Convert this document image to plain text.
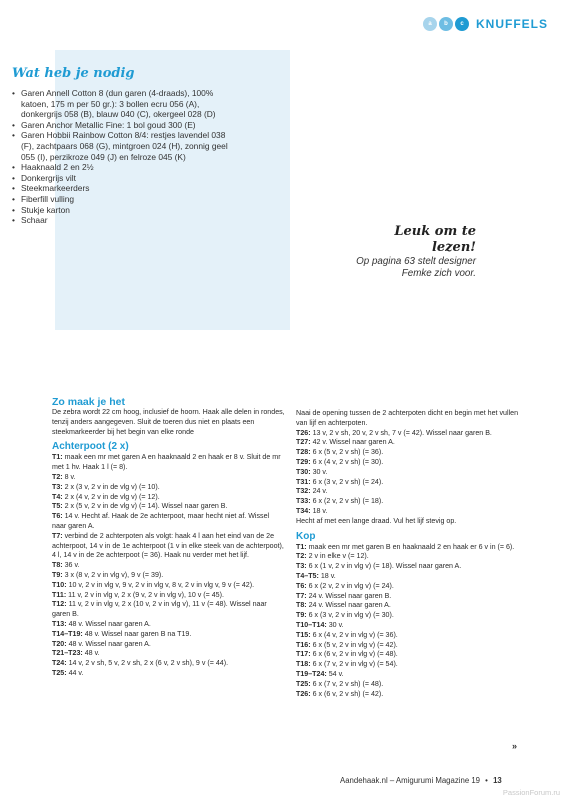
a	b	c	KNUFFELS
Wat heb je nodig
• Garen Annell Cotton 8 (dun garen (4-draads), 100% katoen, 175 m per 50 gr.): 3 bollen ecru 056 (A), donkergrijs 058 (B), blauw 040 (C), okergeel 028 (D)
• Garen Anchor Metallic Fine: 1 bol goud 300 (E)
• Garen Hobbii Rainbow Cotton 8/4: restjes lavendel 038 (F), zachtpaars 068 (G), mintgroen 024 (H), zonnig geel 055 (I), perzikroze 049 (J) en felroze 045 (K)
• Haaknaald 2 en 2½
• Donkergrijs vilt
• Steekmarkeerders
• Fiberfill vulling
• Stukje karton
• Schaar
Leuk om te lezen!
Op pagina 63 stelt designer Femke zich voor.
Zo maak je het

De zebra wordt 22 cm hoog, inclusief de hoorn. Haak alle delen in rondes, tenzij anders aangegeven. Sluit de toeren dus niet en plaats een steekmarkeerder bij het begin van elke ronde

Achterpoot (2 x)

T1: maak een mr met garen A en haaknaald 2 en haak er 8 v. Sluit de mr met 1 hv. Haak 1 l (= 8).

T2: 8 v.

T3: 2 x (3 v, 2 v in de vlg v) (= 10).

T4: 2 x (4 v, 2 v in de vlg v) (= 12).

T5: 2 x (5 v, 2 v in de vlg v) (= 14). Wissel naar garen B.

T6: 14 v. Hecht af. Haak de 2e achterpoot, maar hecht niet af. Wissel naar garen A.

T7: verbind de 2 achterpoten als volgt: haak 4 l aan het eind van de 2e achterpoot, 14 v in de 1e achterpoot (1 v in elke steek van de achterpoot), 4 l, 14 v in de 2e achterpoot (= 36). Haak nu verder met het lijf.

T8: 36 v.

T9: 3 x (8 v, 2 v in vlg v), 9 v (= 39).

T10: 10 v, 2 v in vlg v, 9 v, 2 v in vlg v, 8 v, 2 v in vlg v, 9 v (= 42).

T11: 11 v, 2 v in vlg v, 2 x (9 v, 2 v in vlg v), 10 v (= 45).

T12: 11 v, 2 v in vlg v, 2 x (10 v, 2 v in vlg v), 11 v (= 48). Wissel naar garen B.

T13: 48 v. Wissel naar garen A.

T14–T19: 48 v. Wissel naar garen B na T19.

T20: 48 v. Wissel naar garen A.

T21–T23: 48 v.

T24: 14 v, 2 v sh, 5 v, 2 v sh, 2 x (6 v, 2 v sh), 9 v (= 44).

T25: 44 v.

Naai de opening tussen de 2 achterpoten dicht en begin met het vullen van lijf en achterpoten.

T26: 13 v, 2 v sh, 20 v, 2 v sh, 7 v (= 42). Wissel naar garen B.

T27: 42 v. Wissel naar garen A.

T28: 6 x (5 v, 2 v sh) (= 36).

T29: 6 x (4 v, 2 v sh) (= 30).

T30: 30 v.

T31: 6 x (3 v, 2 v sh) (= 24).

T32: 24 v.

T33: 6 x (2 v, 2 v sh) (= 18).

T34: 18 v.

Hecht af met een lange draad. Vul het lijf stevig op.

Kop

T1: maak een mr met garen B en haaknaald 2 en haak er 6 v in (= 6).

T2: 2 v in elke v (= 12).

T3: 6 x (1 v, 2 v in vlg v) (= 18). Wissel naar garen A.

T4–T5: 18 v.

T6: 6 x (2 v, 2 v in vlg v) (= 24).

T7: 24 v. Wissel naar garen B.

T8: 24 v. Wissel naar garen A.

T9: 6 x (3 v, 2 v in vlg v) (= 30).

T10–T14: 30 v.

T15: 6 x (4 v, 2 v in vlg v) (= 36).

T16: 6 x (5 v, 2 v in vlg v) (= 42).

T17: 6 x (6 v, 2 v in vlg v) (= 48).

T18: 6 x (7 v, 2 v in vlg v) (= 54).

T19–T24: 54 v.

T25: 6 x (7 v, 2 v sh) (= 48).

T26: 6 x (6 v, 2 v sh) (= 42).

»
Aandehaak.nl – Amigurumi Magazine 19 • 13
PassionForum.ru
